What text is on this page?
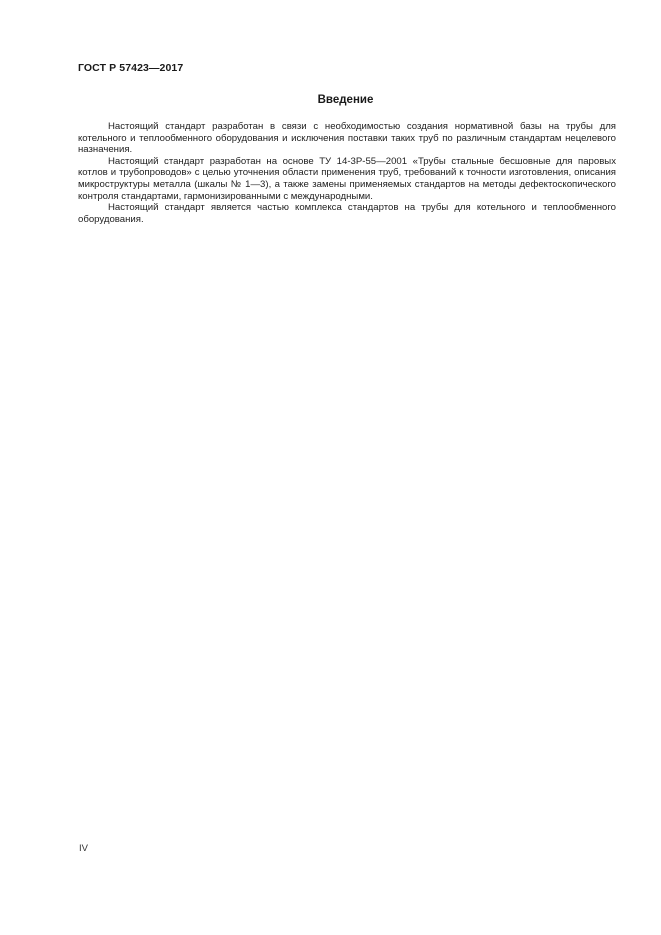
ГОСТ Р 57423—2017
Введение

Настоящий стандарт разработан в связи с необходимостью создания нормативной базы на трубы для котельного и теплообменного оборудования и исключения поставки таких труб по различным стандартам нецелевого назначения.

Настоящий стандарт разработан на основе ТУ 14-3Р-55—2001 «Трубы стальные бесшовные для паровых котлов и трубопроводов» с целью уточнения области применения труб, требований к точности изготовления, описания микроструктуры металла (шкалы № 1—3), а также замены применяемых стандартов на методы дефектоскопического контроля стандартами, гармонизированными с международными.

Настоящий стандарт является частью комплекса стандартов на трубы для котельного и теплообменного оборудования.

IV
